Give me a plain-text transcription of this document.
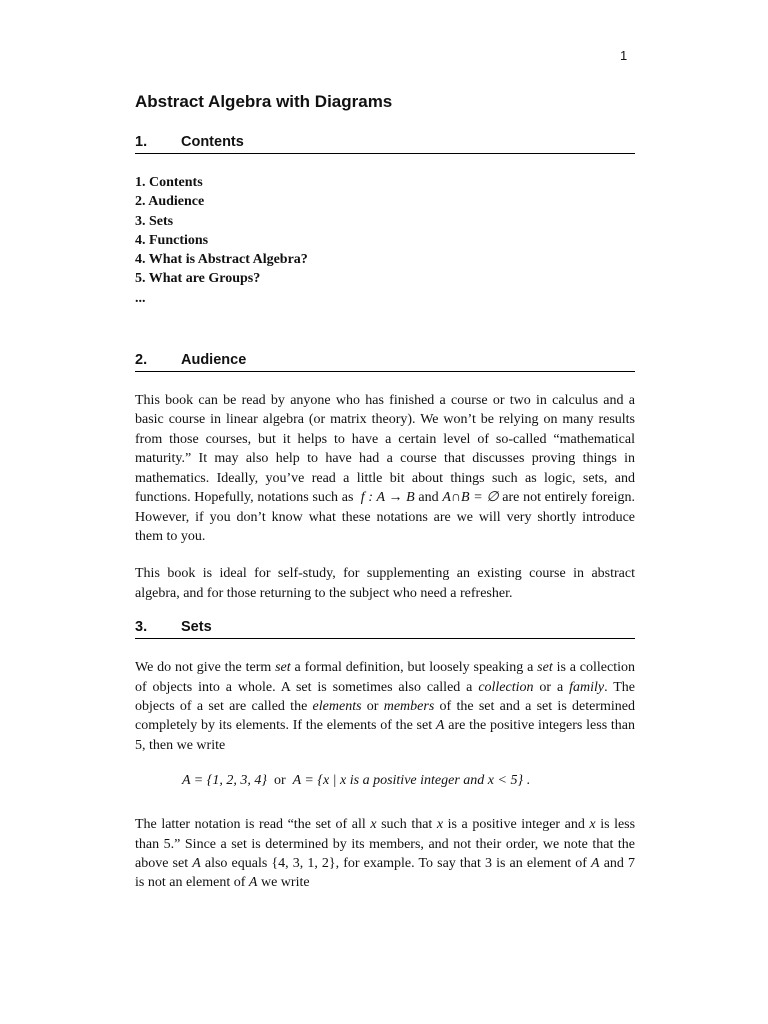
1
Abstract Algebra with Diagrams
1.	Contents
1. Contents
2. Audience
3. Sets
4. Functions
4. What is Abstract Algebra?
5. What are Groups?
...
2.	Audience

This book can be read by anyone who has finished a course or two in calculus and a basic course in linear algebra (or matrix theory). We won’t be relying on many results from those courses, but it helps to have a certain level of so-called “mathematical maturity.” It may also help to have had a course that discusses proving things in mathematics. Ideally, you’ve read a little bit about things such as logic, sets, and functions. Hopefully, notations such as f : A → B and A∩B = ∅ are not entirely foreign. However, if you don’t know what these notations are we will very shortly introduce them to you.

This book is ideal for self-study, for supplementing an existing course in abstract algebra, and for those returning to the subject who need a refresher.

3.	Sets

We do not give the term set a formal definition, but loosely speaking a set is a collection of objects into a whole. A set is sometimes also called a collection or a family. The objects of a set are called the elements or members of the set and a set is determined completely by its elements. If the elements of the set A are the positive integers less than 5, then we write

A = {1, 2, 3, 4} or A = {x | x is a positive integer and x < 5} .

The latter notation is read “the set of all x such that x is a positive integer and x is less than 5.” Since a set is determined by its members, and not their order, we note that the above set A also equals {4, 3, 1, 2}, for example. To say that 3 is an element of A and 7 is not an element of A we write
